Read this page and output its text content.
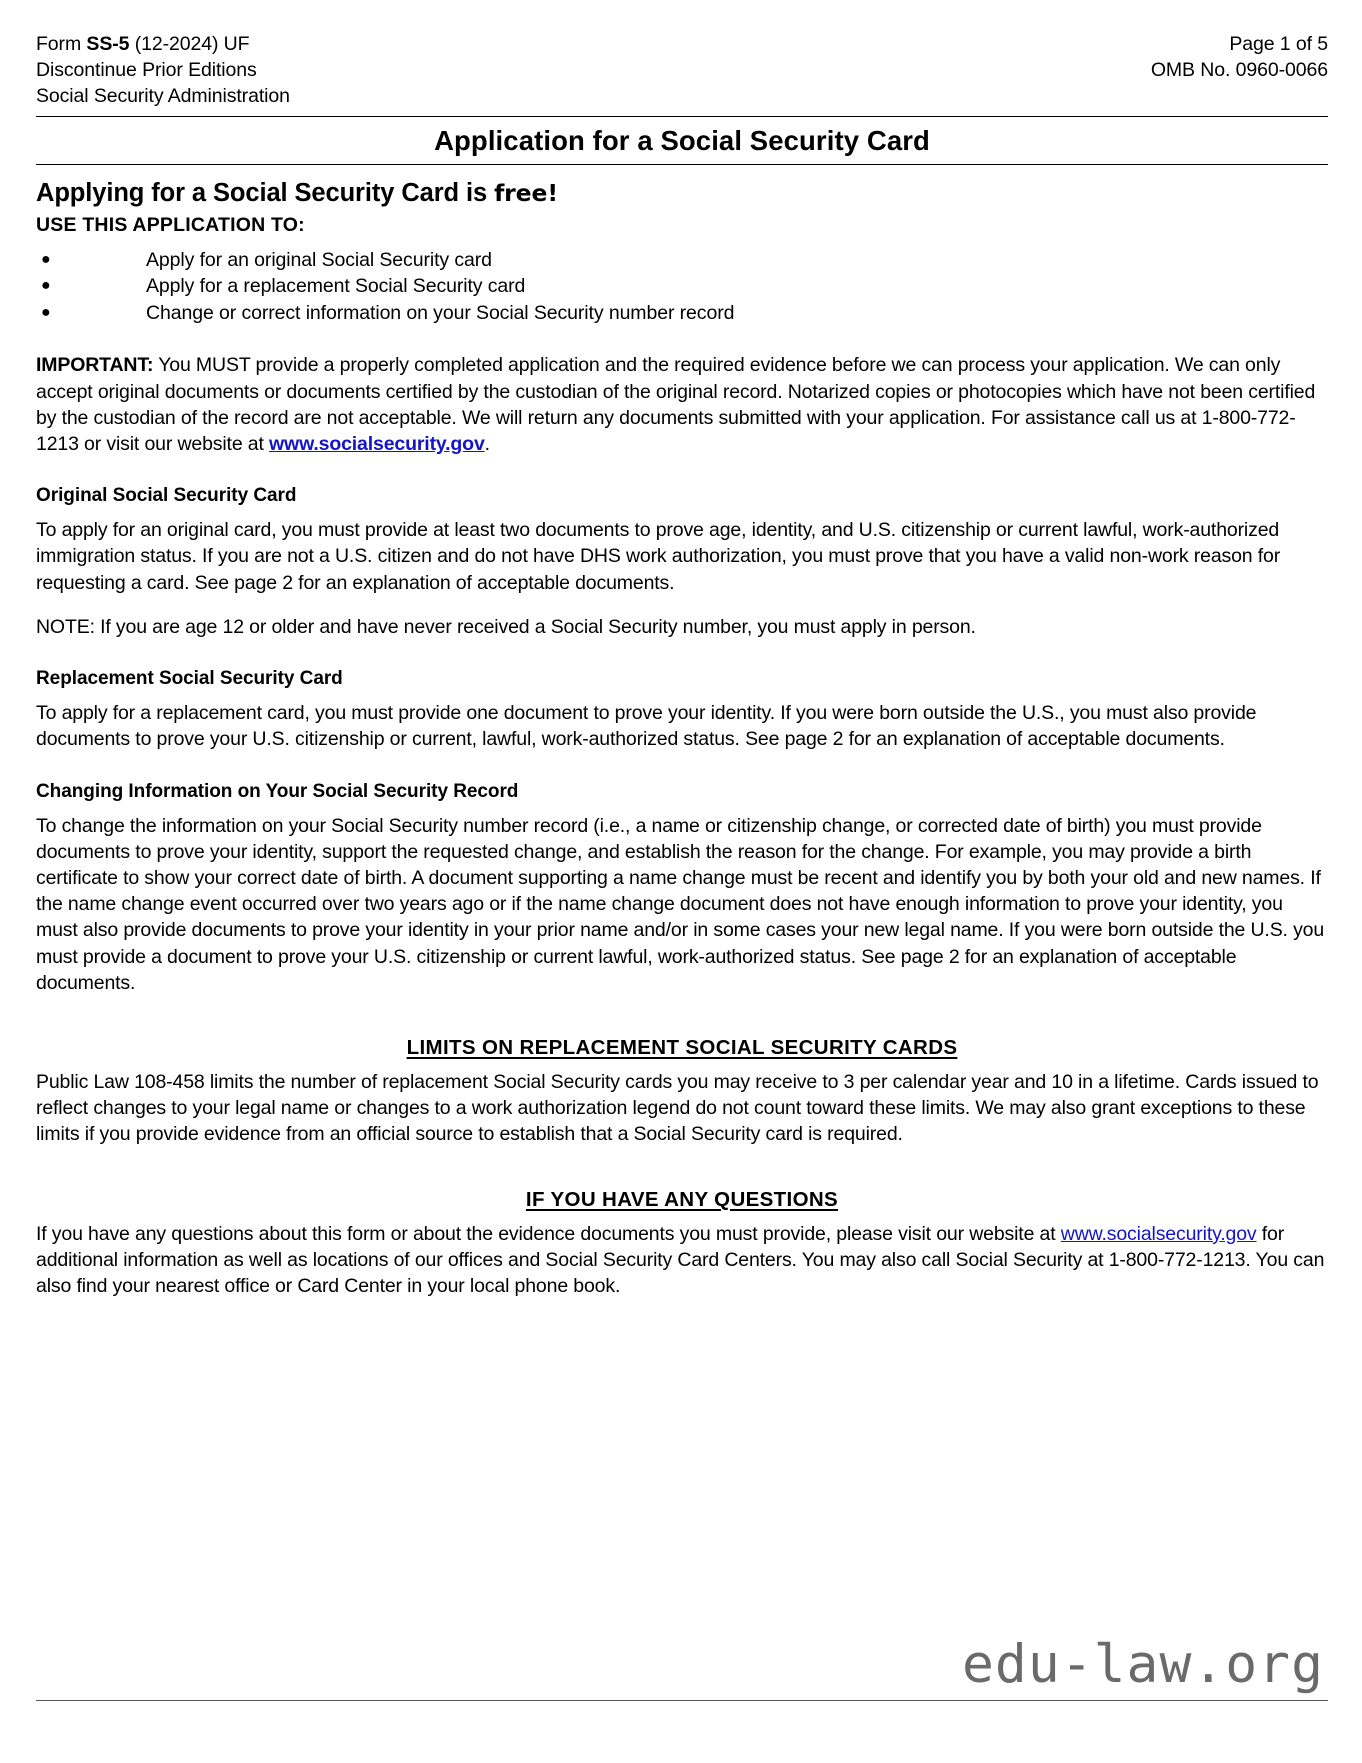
Form SS-5 (12-2024) UF
Discontinue Prior Editions
Social Security Administration
Page 1 of 5
OMB No. 0960-0066
Application for a Social Security Card
Applying for a Social Security Card is free!
USE THIS APPLICATION TO:
●	Apply for an original Social Security card
●	Apply for a replacement Social Security card
●	Change or correct information on your Social Security number record

IMPORTANT: You MUST provide a properly completed application and the required evidence before we can process your application. We can only accept original documents or documents certified by the custodian of the original record. Notarized copies or photocopies which have not been certified by the custodian of the record are not acceptable. We will return any documents submitted with your application. For assistance call us at 1-800-772-1213 or visit our website at www.socialsecurity.gov.

Original Social Security Card

To apply for an original card, you must provide at least two documents to prove age, identity, and U.S. citizenship or current lawful, work-authorized immigration status. If you are not a U.S. citizen and do not have DHS work authorization, you must prove that you have a valid non-work reason for requesting a card. See page 2 for an explanation of acceptable documents.

NOTE: If you are age 12 or older and have never received a Social Security number, you must apply in person.

Replacement Social Security Card

To apply for a replacement card, you must provide one document to prove your identity. If you were born outside the U.S., you must also provide documents to prove your U.S. citizenship or current, lawful, work-authorized status. See page 2 for an explanation of acceptable documents.

Changing Information on Your Social Security Record

To change the information on your Social Security number record (i.e., a name or citizenship change, or corrected date of birth) you must provide documents to prove your identity, support the requested change, and establish the reason for the change. For example, you may provide a birth certificate to show your correct date of birth. A document supporting a name change must be recent and identify you by both your old and new names. If the name change event occurred over two years ago or if the name change document does not have enough information to prove your identity, you must also provide documents to prove your identity in your prior name and/or in some cases your new legal name. If you were born outside the U.S. you must provide a document to prove your U.S. citizenship or current lawful, work-authorized status. See page 2 for an explanation of acceptable documents.

LIMITS ON REPLACEMENT SOCIAL SECURITY CARDS

Public Law 108-458 limits the number of replacement Social Security cards you may receive to 3 per calendar year and 10 in a lifetime. Cards issued to reflect changes to your legal name or changes to a work authorization legend do not count toward these limits. We may also grant exceptions to these limits if you provide evidence from an official source to establish that a Social Security card is required.

IF YOU HAVE ANY QUESTIONS

If you have any questions about this form or about the evidence documents you must provide, please visit our website at www.socialsecurity.gov for additional information as well as locations of our offices and Social Security Card Centers. You may also call Social Security at 1-800-772-1213. You can also find your nearest office or Card Center in your local phone book.

edu-law.org
